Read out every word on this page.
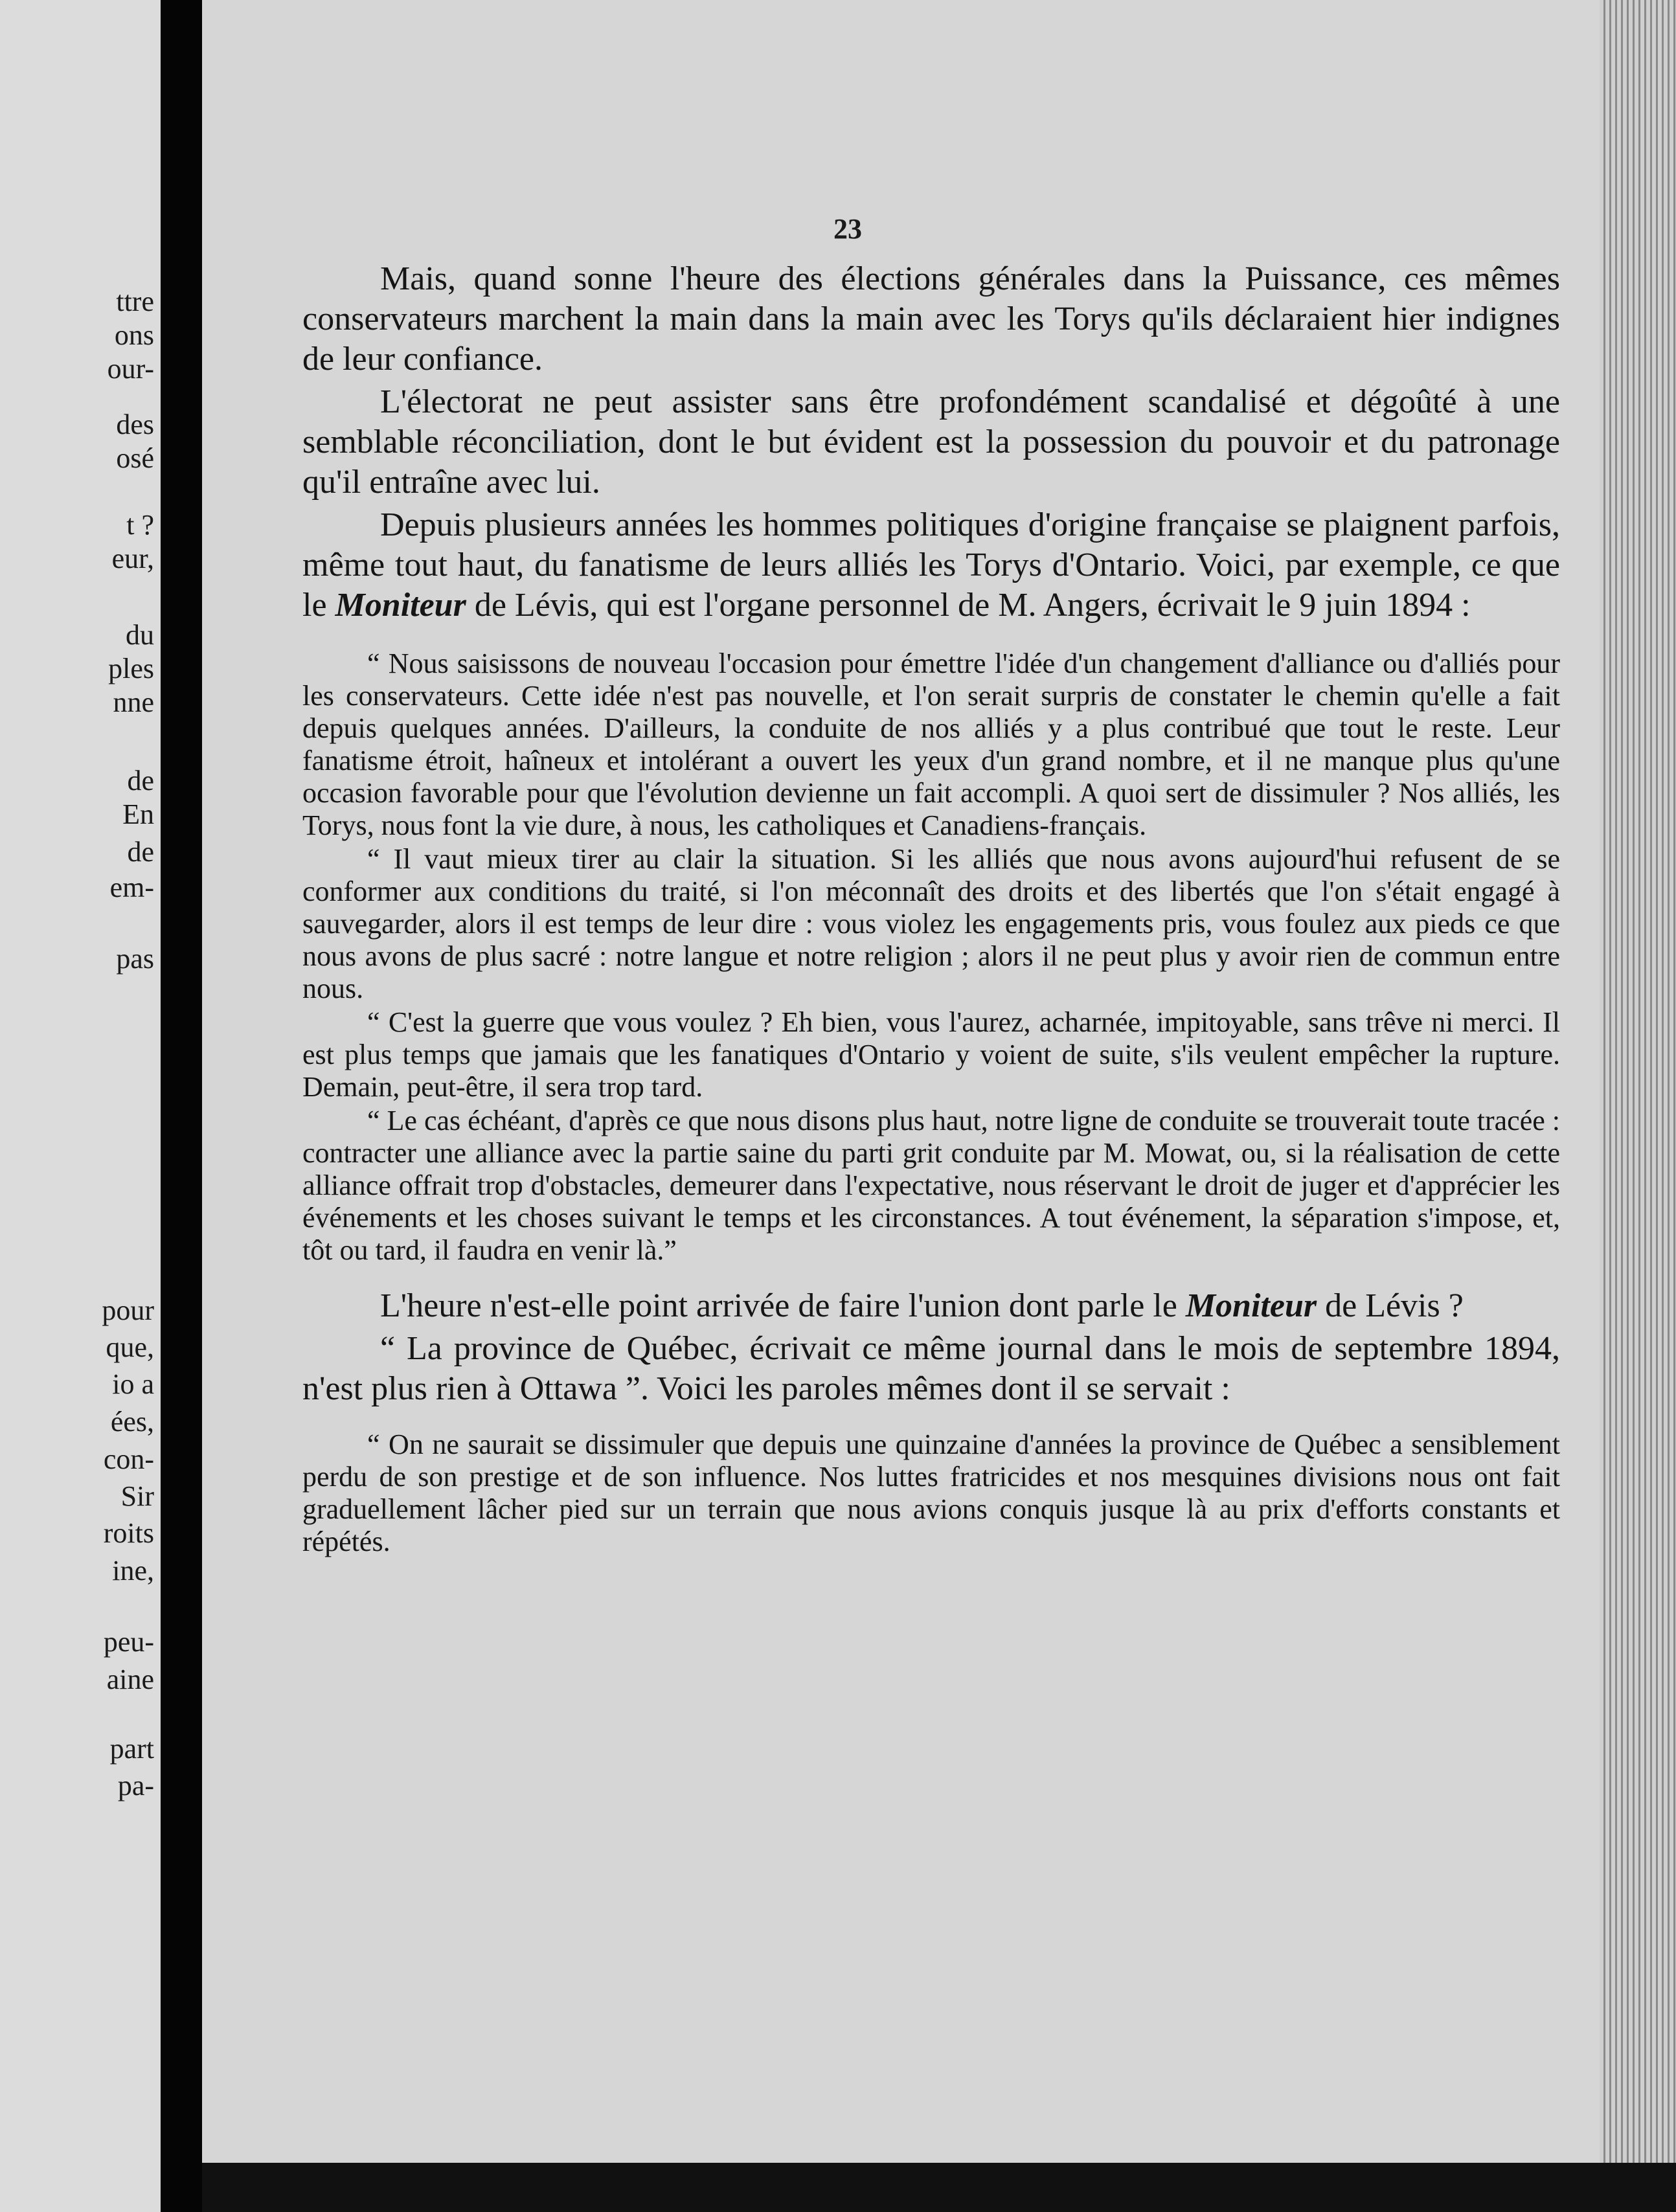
ttre
ons
our-
des
osé
t ?
eur,
du
ples
nne
de
En
de
em-
pas
pour
que,
io a
ées,
con-
Sir
roits
ine,
peu-
aine
part
pa-
23

Mais, quand sonne l'heure des élections générales dans la Puissance, ces mêmes conservateurs marchent la main dans la main avec les Torys qu'ils déclaraient hier indignes de leur confiance.

L'électorat ne peut assister sans être profondément scandalisé et dégoûté à une semblable réconciliation, dont le but évident est la possession du pouvoir et du patronage qu'il entraîne avec lui.

Depuis plusieurs années les hommes politiques d'origine française se plaignent parfois, même tout haut, du fanatisme de leurs alliés les Torys d'Ontario. Voici, par exemple, ce que le Moniteur de Lévis, qui est l'organe personnel de M. Angers, écrivait le 9 juin 1894 :

“ Nous saisissons de nouveau l'occasion pour émettre l'idée d'un changement d'alliance ou d'alliés pour les conservateurs. Cette idée n'est pas nouvelle, et l'on serait surpris de constater le chemin qu'elle a fait depuis quelques années. D'ailleurs, la conduite de nos alliés y a plus contribué que tout le reste. Leur fanatisme étroit, haîneux et intolérant a ouvert les yeux d'un grand nombre, et il ne manque plus qu'une occasion favorable pour que l'évolution devienne un fait accompli. A quoi sert de dissimuler ? Nos alliés, les Torys, nous font la vie dure, à nous, les catholiques et Canadiens-français.

“ Il vaut mieux tirer au clair la situation. Si les alliés que nous avons aujourd'hui refusent de se conformer aux conditions du traité, si l'on méconnaît des droits et des libertés que l'on s'était engagé à sauvegarder, alors il est temps de leur dire : vous violez les engagements pris, vous foulez aux pieds ce que nous avons de plus sacré : notre langue et notre religion ; alors il ne peut plus y avoir rien de commun entre nous.

“ C'est la guerre que vous voulez ? Eh bien, vous l'aurez, acharnée, impitoyable, sans trêve ni merci. Il est plus temps que jamais que les fanatiques d'Ontario y voient de suite, s'ils veulent empêcher la rupture. Demain, peut-être, il sera trop tard.

“ Le cas échéant, d'après ce que nous disons plus haut, notre ligne de conduite se trouverait toute tracée : contracter une alliance avec la partie saine du parti grit conduite par M. Mowat, ou, si la réalisation de cette alliance offrait trop d'obstacles, demeurer dans l'expectative, nous réservant le droit de juger et d'apprécier les événements et les choses suivant le temps et les circonstances. A tout événement, la séparation s'impose, et, tôt ou tard, il faudra en venir là.”

L'heure n'est-elle point arrivée de faire l'union dont parle le Moniteur de Lévis ?

“ La province de Québec, écrivait ce même journal dans le mois de septembre 1894, n'est plus rien à Ottawa ”. Voici les paroles mêmes dont il se servait :

“ On ne saurait se dissimuler que depuis une quinzaine d'années la province de Québec a sensiblement perdu de son prestige et de son influence. Nos luttes fratricides et nos mesquines divisions nous ont fait graduellement lâcher pied sur un terrain que nous avions conquis jusque là au prix d'efforts constants et répétés.
